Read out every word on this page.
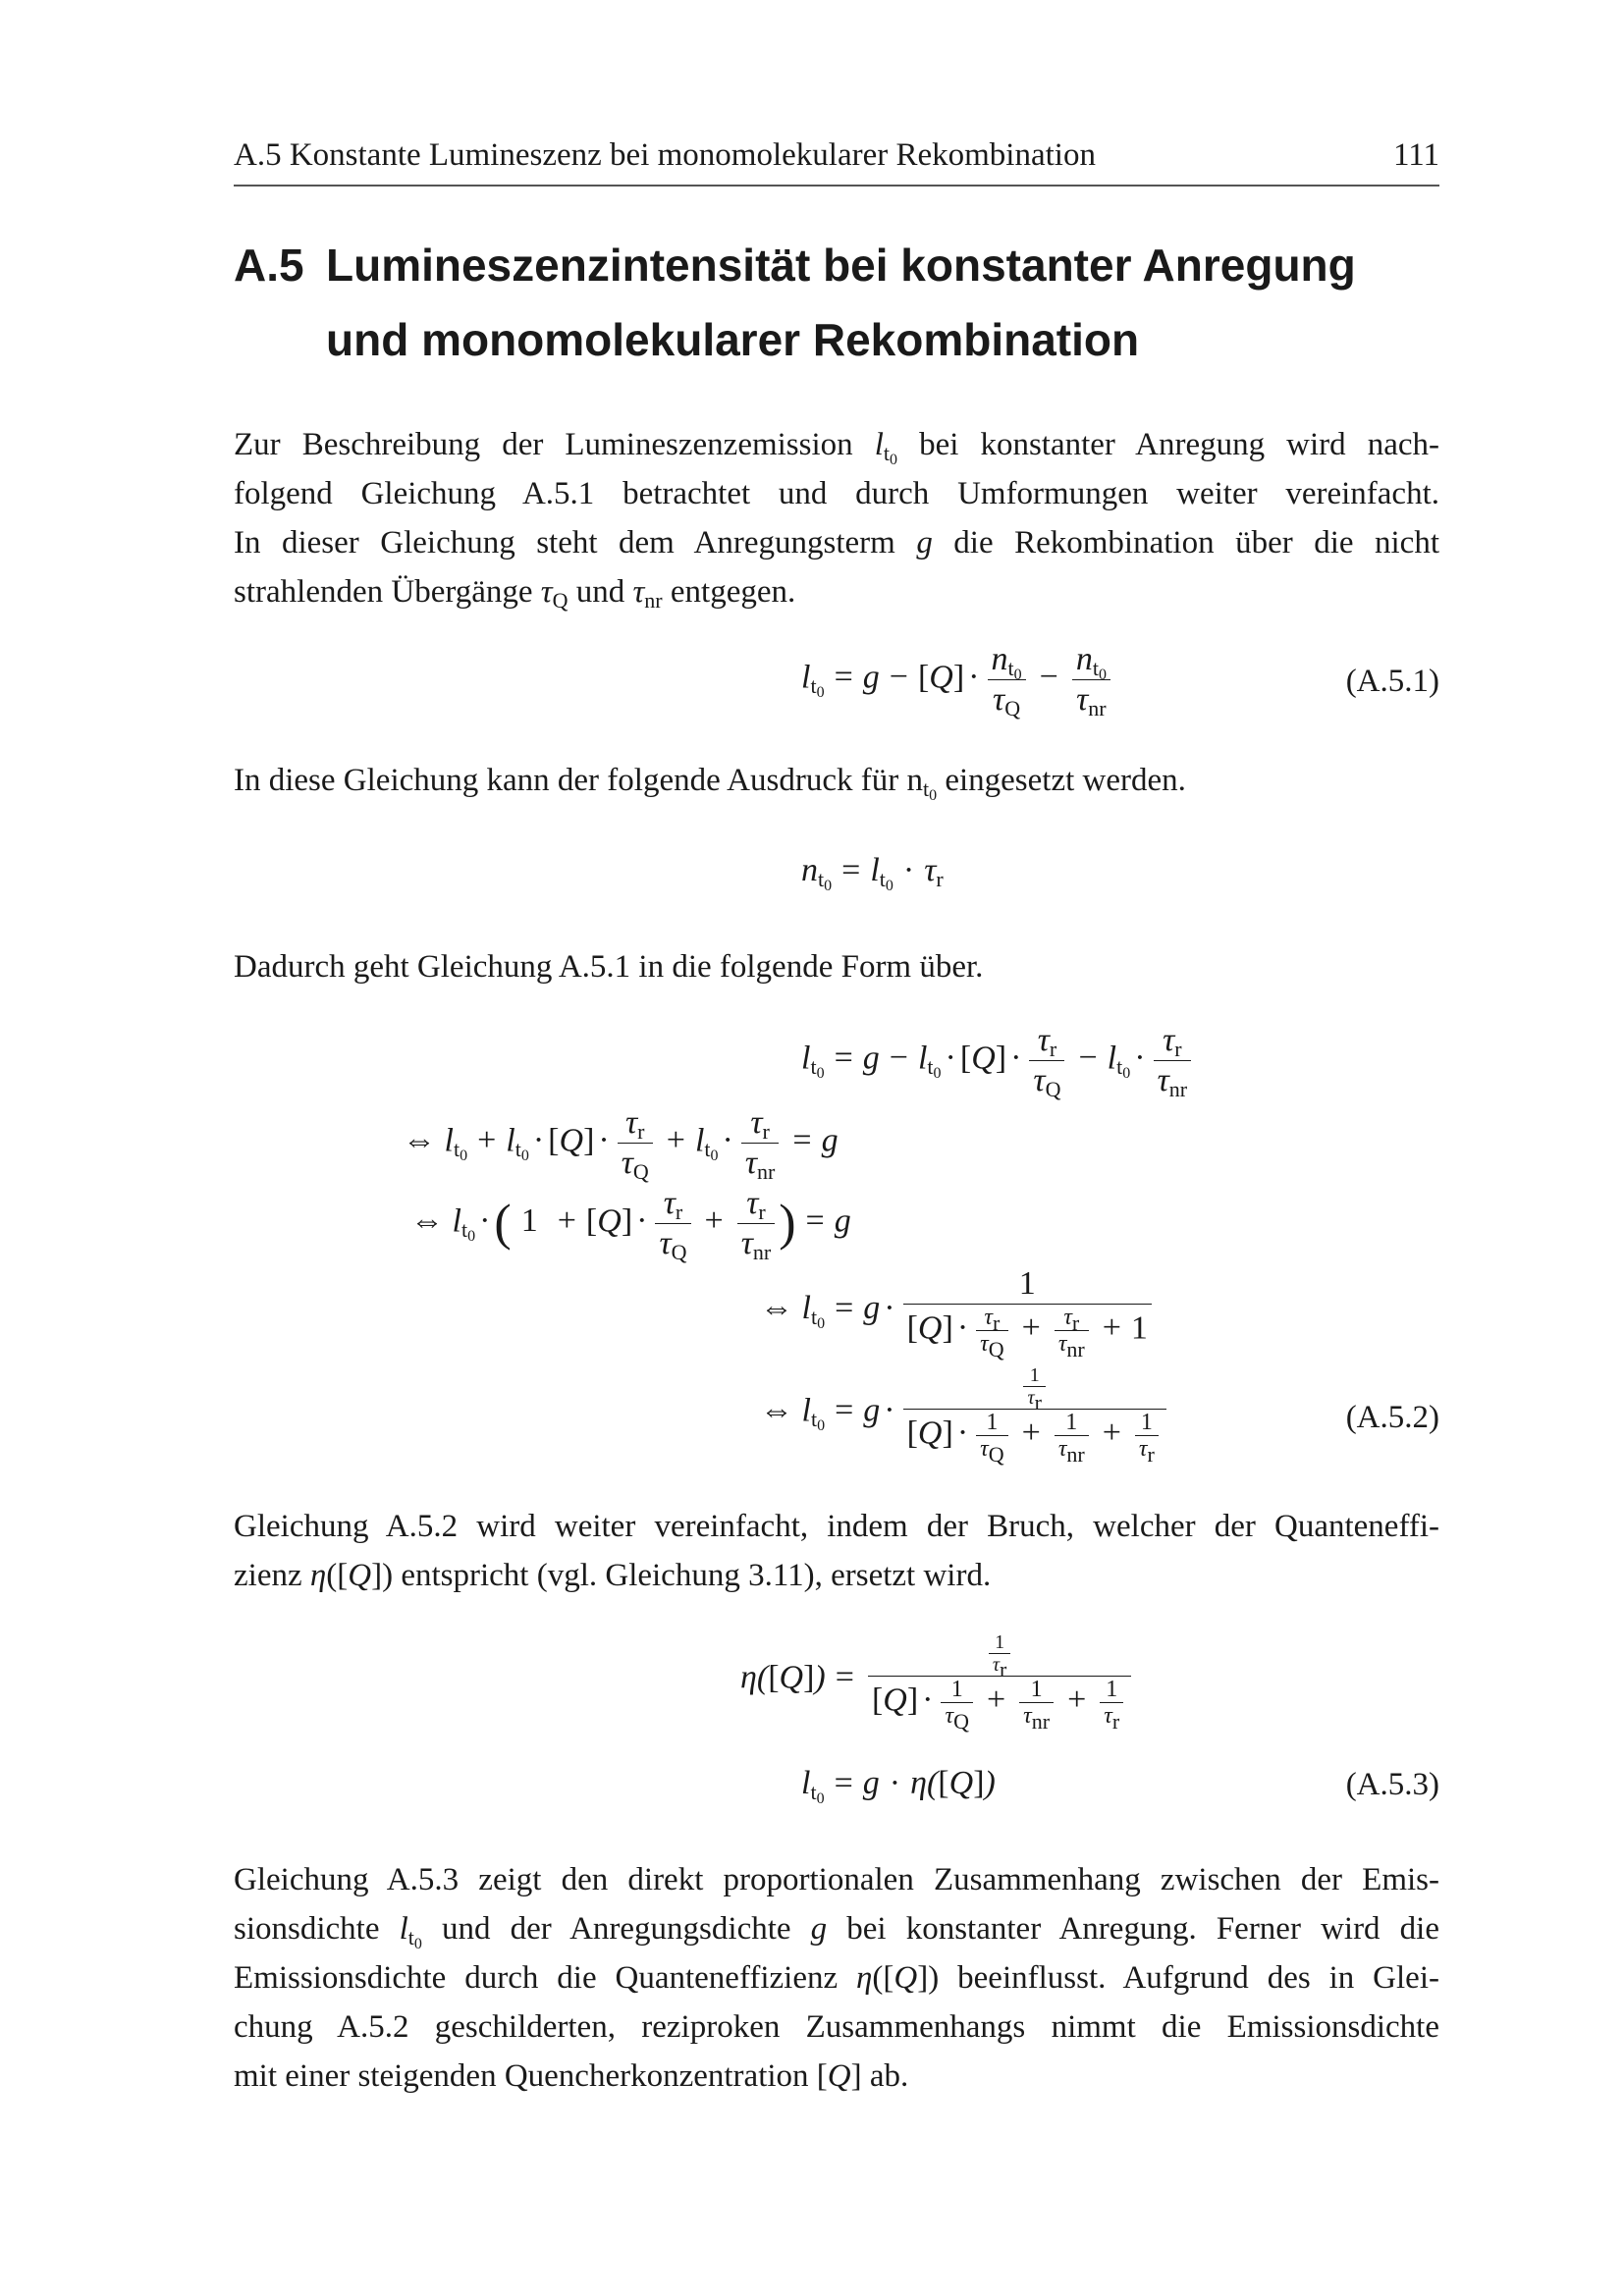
A.5 Konstante Lumineszenz bei monomolekularer Rekombination	111
A.5 Lumineszenzintensität bei konstanter Anregung
und monomolekularer Rekombination
Zur Beschreibung der Lumineszenzemission $l_{t_0}$ bei konstanter Anregung wird nach-
folgend Gleichung A.5.1 betrachtet und durch Umformungen weiter vereinfacht.
In dieser Gleichung steht dem Anregungsterm g die Rekombination über die nicht
strahlenden Übergänge $\tau_Q$ und $\tau_{nr}$ entgegen.
$l_{t_0} = g - [Q] \cdot \frac{n_{t_0}}{\tau_Q} - \frac{n_{t_0}}{\tau_{nr}}$	(A.5.1)
In diese Gleichung kann der folgende Ausdruck für $n_{t_0}$ eingesetzt werden.
$n_{t_0} = l_{t_0} \cdot \tau_r$
Dadurch geht Gleichung A.5.1 in die folgende Form über.
$l_{t_0} = g - l_{t_0} \cdot [Q] \cdot \frac{\tau_r}{\tau_Q} - l_{t_0} \cdot \frac{\tau_r}{\tau_{nr}}$
⇔ $l_{t_0} + l_{t_0} \cdot [Q] \cdot \frac{\tau_r}{\tau_Q} + l_{t_0} \cdot \frac{\tau_r}{\tau_{nr}} = g$
⇔ $l_{t_0}$ ·( $1 + [Q] \cdot \frac{\tau_r}{\tau_Q} + \frac{\tau_r}{\tau_{nr}}$ ) = g
⇔ $l_{t_0} = g \cdot \frac{1}{[Q] \cdot \frac{\tau_r}{\tau_Q} + \frac{\tau_r}{\tau_{nr}} + 1}$
⇔ $l_{t_0} = g \cdot \frac{\frac{1}{\tau_r}}{[Q] \cdot \frac{1}{\tau_Q} + \frac{1}{\tau_{nr}} + \frac{1}{\tau_r}}$	(A.5.2)
Gleichung A.5.2 wird weiter vereinfacht, indem der Bruch, welcher der Quanteneffi-
zienz η([Q]) entspricht (vgl. Gleichung 3.11), ersetzt wird.
$\eta([Q]) = \frac{\frac{1}{\tau_r}}{[Q] \cdot \frac{1}{\tau_Q} + \frac{1}{\tau_{nr}} + \frac{1}{\tau_r}}$
$l_{t_0} = g \cdot \eta([Q])$	(A.5.3)
Gleichung A.5.3 zeigt den direkt proportionalen Zusammenhang zwischen der Emis-
sionsdichte $l_{t_0}$ und der Anregungsdichte g bei konstanter Anregung. Ferner wird die
Emissionsdichte durch die Quanteneffizienz η([Q]) beeinflusst. Aufgrund des in Glei-
chung A.5.2 geschilderten, reziproken Zusammenhangs nimmt die Emissionsdichte
mit einer steigenden Quencherkonzentration [Q] ab.
